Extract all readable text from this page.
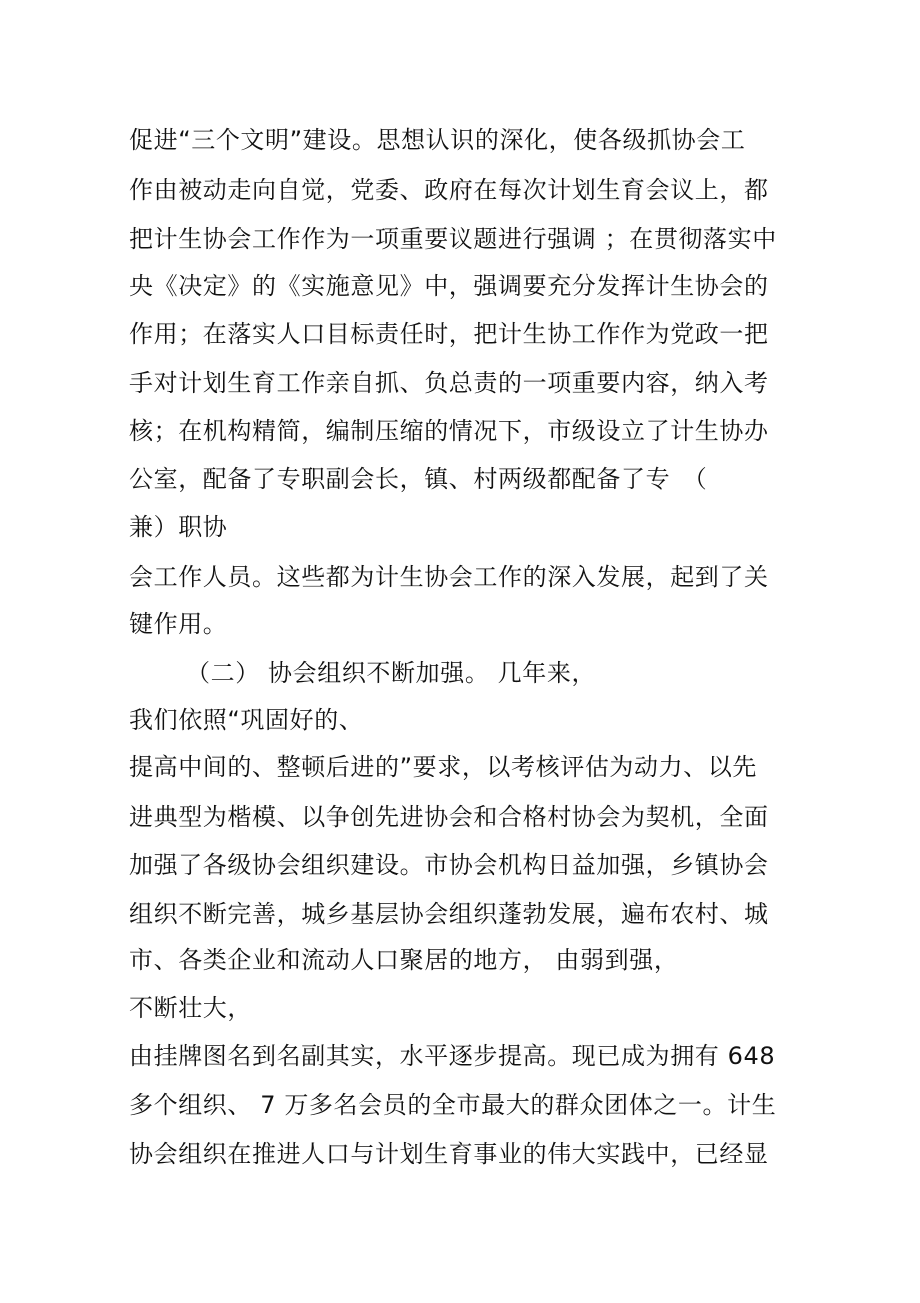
促进“三个文明”建设。思想认识的深化，使各级抓协会工

作由被动走向自觉，党委、政府在每次计划生育会议上，都

把计生协会工作作为一项重要议题进行强调 ；在贯彻落实中

央《决定》的《实施意见》中，强调要充分发挥计生协会的

作用；在落实人口目标责任时，把计生协工作作为党政一把

手对计划生育工作亲自抓、负总责的一项重要内容，纳入考

核；在机构精简，编制压缩的情况下，市级设立了计生协办

公室，配备了专职副会长，镇、村两级都配备了专　（

兼）职协

会工作人员。这些都为计生协会工作的深入发展，起到了关

键作用。

（二） 协会组织不断加强。 几年来，

我们依照“巩固好的、

提高中间的、整顿后进的”要求，以考核评估为动力、以先

进典型为楷模、以争创先进协会和合格村协会为契机，全面

加强了各级协会组织建设。市协会机构日益加强，乡镇协会

组织不断完善，城乡基层协会组织蓬勃发展，遍布农村、城

市、各类企业和流动人口聚居的地方， 由弱到强，

不断壮大，

由挂牌图名到名副其实，水平逐步提高。现已成为拥有 648

多个组织、 7 万多名会员的全市最大的群众团体之一。计生

协会组织在推进人口与计划生育事业的伟大实践中，已经显
